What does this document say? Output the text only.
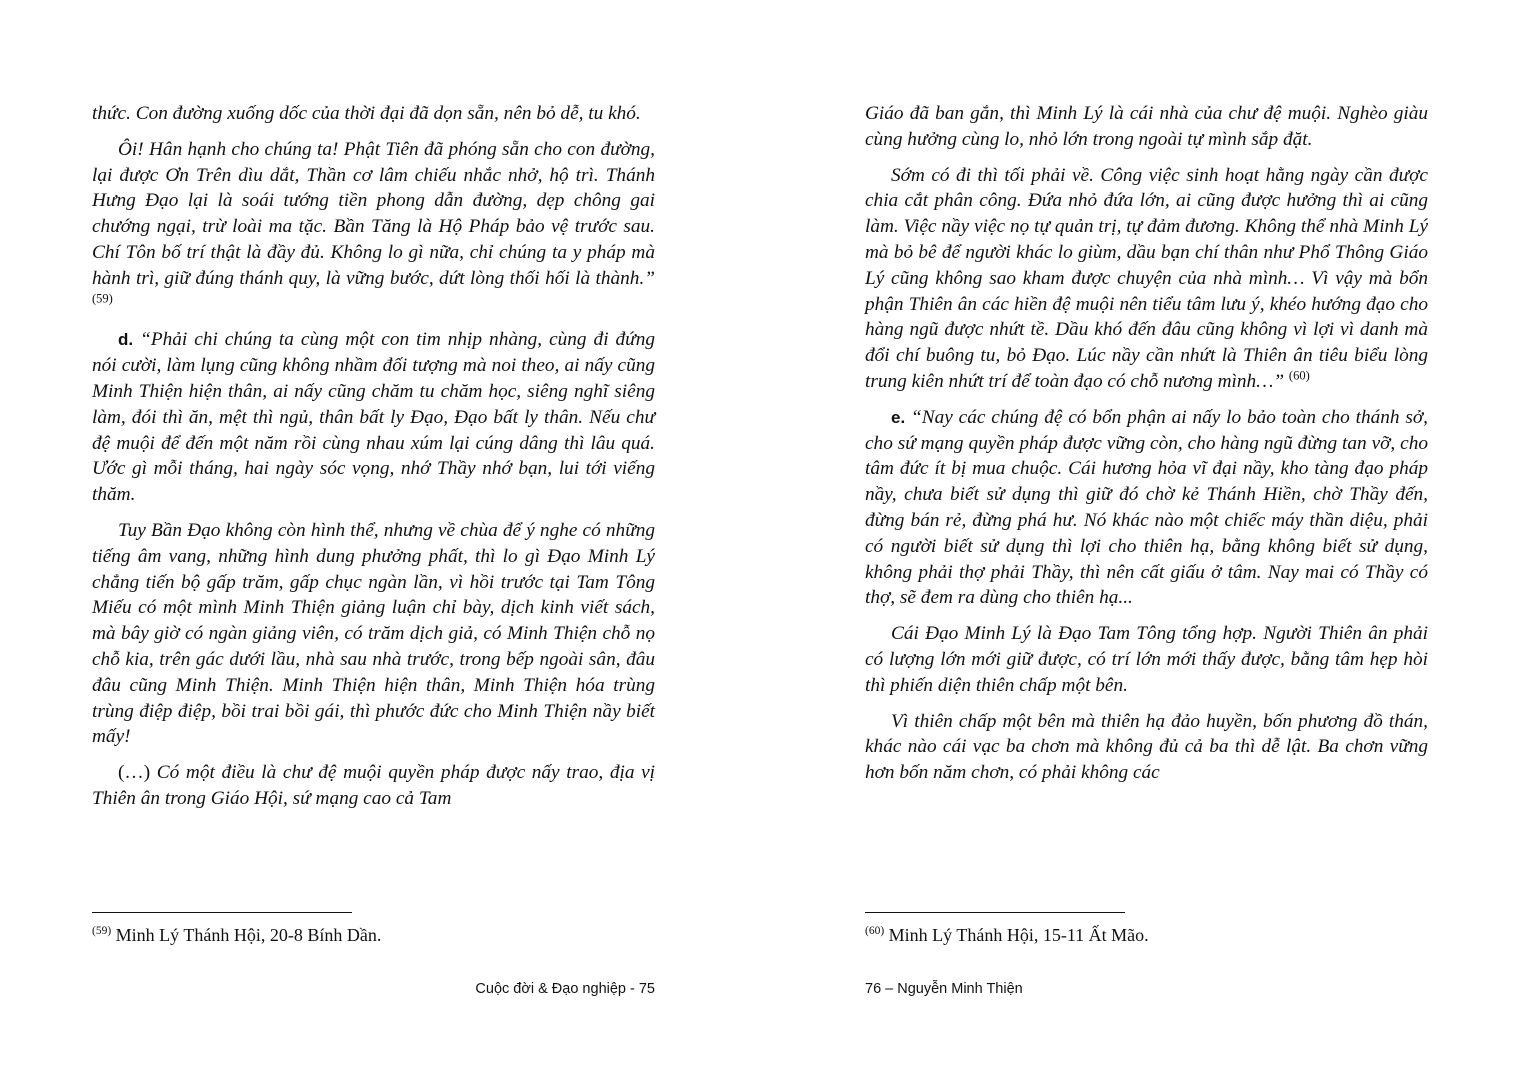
thức. Con đường xuống dốc của thời đại đã dọn sẵn, nên bỏ dễ, tu khó.

Ôi! Hân hạnh cho chúng ta! Phật Tiên đã phóng sẵn cho con đường, lại được Ơn Trên dìu dắt, Thần cơ lâm chiếu nhắc nhở, hộ trì. Thánh Hưng Đạo lại là soái tướng tiền phong dẫn đường, dẹp chông gai chướng ngại, trừ loài ma tặc. Bần Tăng là Hộ Pháp bảo vệ trước sau. Chí Tôn bố trí thật là đầy đủ. Không lo gì nữa, chỉ chúng ta y pháp mà hành trì, giữ đúng thánh quy, là vững bước, dứt lòng thối hối là thành.” $^{(59)}$

d. “Phải chi chúng ta cùng một con tim nhịp nhàng, cùng đi đứng nói cười, làm lụng cũng không nhầm đối tượng mà noi theo, ai nấy cũng Minh Thiện hiện thân, ai nấy cũng chăm tu chăm học, siêng nghĩ siêng làm, đói thì ăn, mệt thì ngủ, thân bất ly Đạo, Đạo bất ly thân. Nếu chư đệ muội để đến một năm rồi cùng nhau xúm lại cúng dâng thì lâu quá. Ước gì mỗi tháng, hai ngày sóc vọng, nhớ Thầy nhớ bạn, lui tới viếng thăm.

Tuy Bần Đạo không còn hình thể, nhưng về chùa để ý nghe có những tiếng âm vang, những hình dung phưởng phất, thì lo gì Đạo Minh Lý chẳng tiến bộ gấp trăm, gấp chục ngàn lần, vì hồi trước tại Tam Tông Miếu có một mình Minh Thiện giảng luận chỉ bày, dịch kinh viết sách, mà bây giờ có ngàn giảng viên, có trăm dịch giả, có Minh Thiện chỗ nọ chỗ kia, trên gác dưới lầu, nhà sau nhà trước, trong bếp ngoài sân, đâu đâu cũng Minh Thiện. Minh Thiện hiện thân, Minh Thiện hóa trùng trùng điệp điệp, bồi trai bồi gái, thì phước đức cho Minh Thiện nầy biết mấy!

(…) Có một điều là chư đệ muội quyền pháp được nấy trao, địa vị Thiên ân trong Giáo Hội, sứ mạng cao cả Tam

$^{(59)}$ Minh Lý Thánh Hội, 20-8 Bính Dần.
Cuộc đời & Đạo nghiệp - 75

Giáo đã ban gắn, thì Minh Lý là cái nhà của chư đệ muội. Nghèo giàu cùng hưởng cùng lo, nhỏ lớn trong ngoài tự mình sắp đặt.

Sớm có đi thì tối phải về. Công việc sinh hoạt hằng ngày cần được chia cắt phân công. Đứa nhỏ đứa lớn, ai cũng được hưởng thì ai cũng làm. Việc nầy việc nọ tự quản trị, tự đảm đương. Không thể nhà Minh Lý mà bỏ bê để người khác lo giùm, dầu bạn chí thân như Phổ Thông Giáo Lý cũng không sao kham được chuyện của nhà mình… Vì vậy mà bổn phận Thiên ân các hiền đệ muội nên tiểu tâm lưu ý, khéo hướng đạo cho hàng ngũ được nhứt tề. Dầu khó đến đâu cũng không vì lợi vì danh mà đổi chí buông tu, bỏ Đạo. Lúc nầy cần nhứt là Thiên ân tiêu biểu lòng trung kiên nhứt trí để toàn đạo có chỗ nương mình…” $^{(60)}$

e. “Nay các chúng đệ có bổn phận ai nấy lo bảo toàn cho thánh sở, cho sứ mạng quyền pháp được vững còn, cho hàng ngũ đừng tan vỡ, cho tâm đức ít bị mua chuộc. Cái hương hỏa vĩ đại nầy, kho tàng đạo pháp nầy, chưa biết sử dụng thì giữ đó chờ kẻ Thánh Hiền, chờ Thầy đến, đừng bán rẻ, đừng phá hư. Nó khác nào một chiếc máy thần diệu, phải có người biết sử dụng thì lợi cho thiên hạ, bằng không biết sử dụng, không phải thợ phải Thầy, thì nên cất giấu ở tâm. Nay mai có Thầy có thợ, sẽ đem ra dùng cho thiên hạ...

Cái Đạo Minh Lý là Đạo Tam Tông tổng hợp. Người Thiên ân phải có lượng lớn mới giữ được, có trí lớn mới thấy được, bằng tâm hẹp hòi thì phiến diện thiên chấp một bên.

Vì thiên chấp một bên mà thiên hạ đảo huyền, bốn phương đồ thán, khác nào cái vạc ba chơn mà không đủ cả ba thì dễ lật. Ba chơn vững hơn bốn năm chơn, có phải không các

$^{(60)}$ Minh Lý Thánh Hội, 15-11 Ất Mão.
76 – Nguyễn Minh Thiện
